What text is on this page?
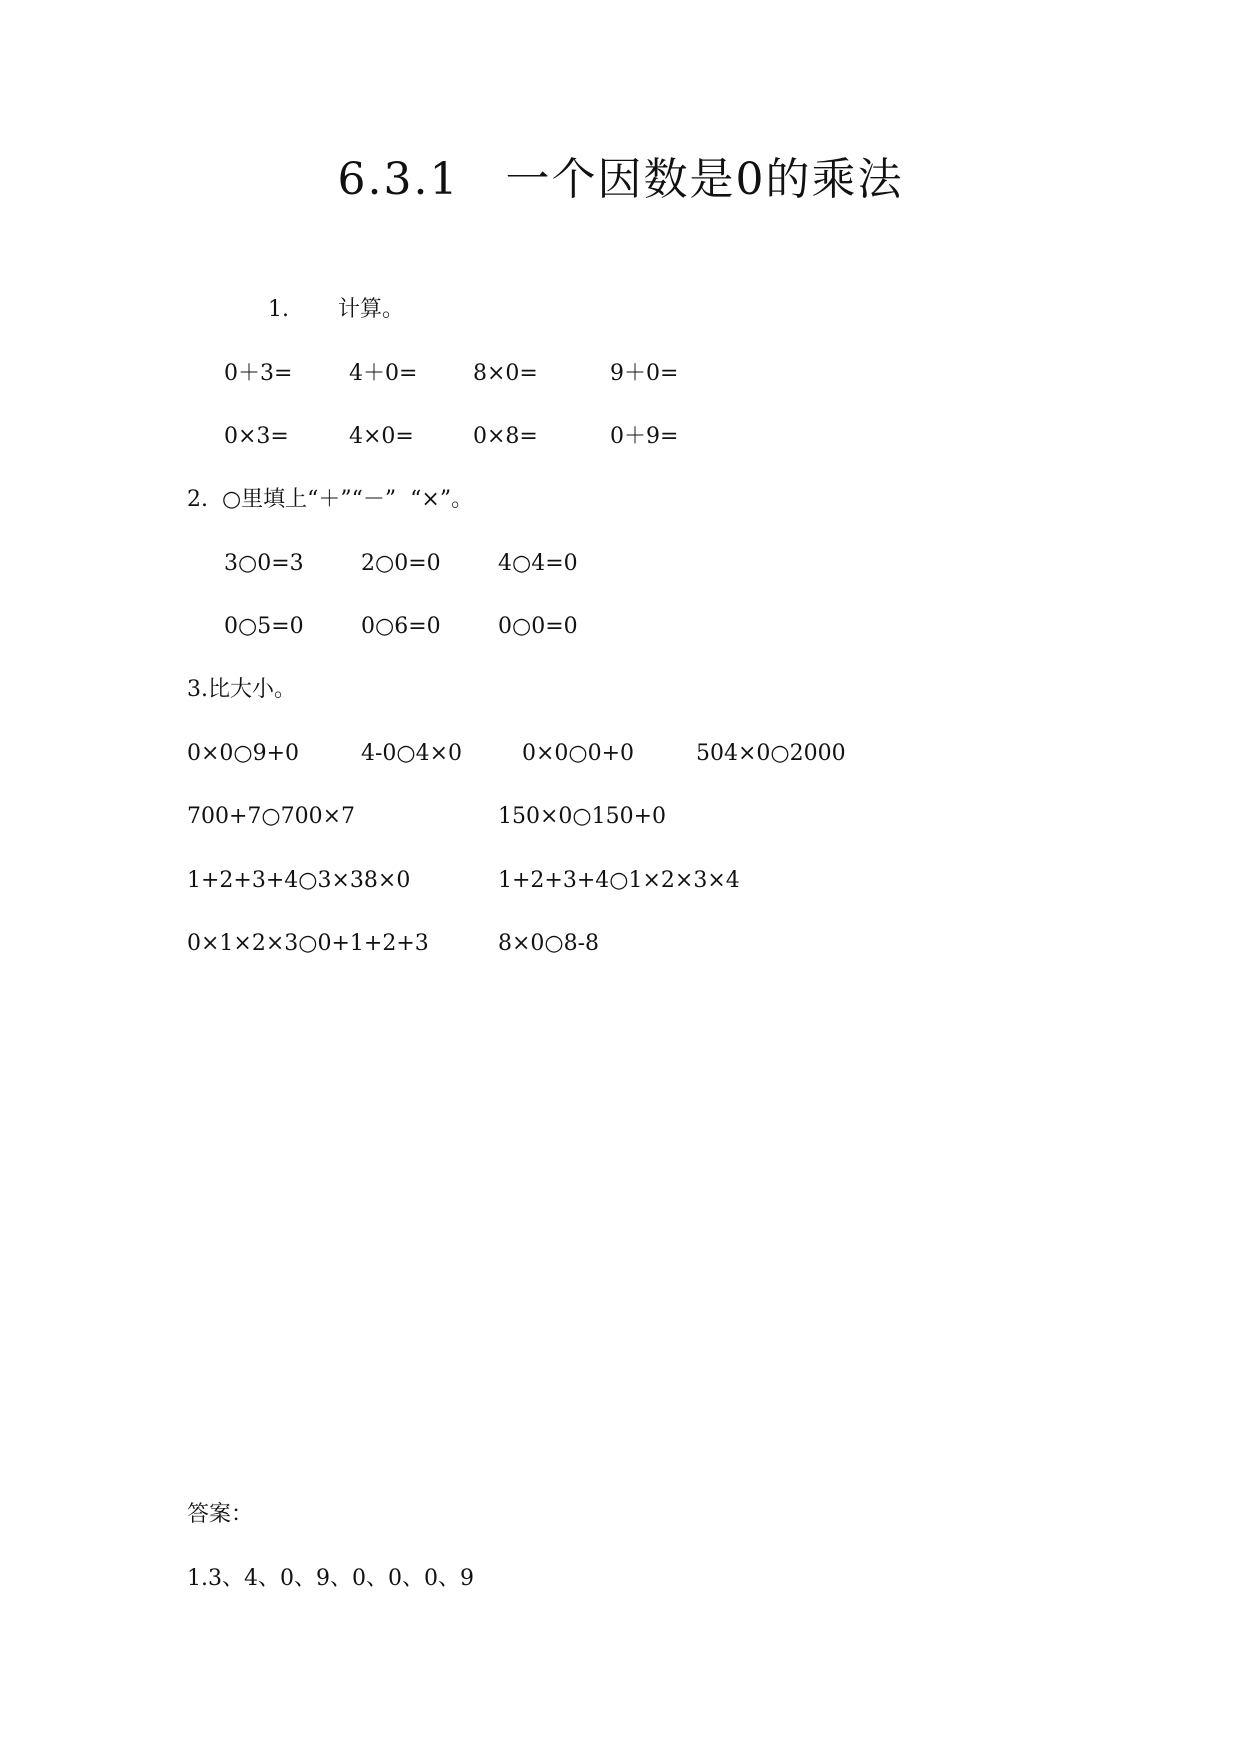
6.3.1　一个因数是0的乘法
1. 计算。
0＋3=	4＋0=	8×0=	9＋0=
0×3=	4×0=	0×8=	0＋9=
2.  ○里填上“＋”“－”  “×”。
3○0=3	2○0=0	4○4=0
0○5=0	0○6=0	0○0=0
3.比大小。
0×0○9+0	4-0○4×0	0×0○0+0	504×0○2000
700+7○700×7	150×0○150+0
1+2+3+4○3×38×0	1+2+3+4○1×2×3×4
0×1×2×3○0+1+2+3	8×0○8-8
答案：
1.3、4、0、9、0、0、0、9
